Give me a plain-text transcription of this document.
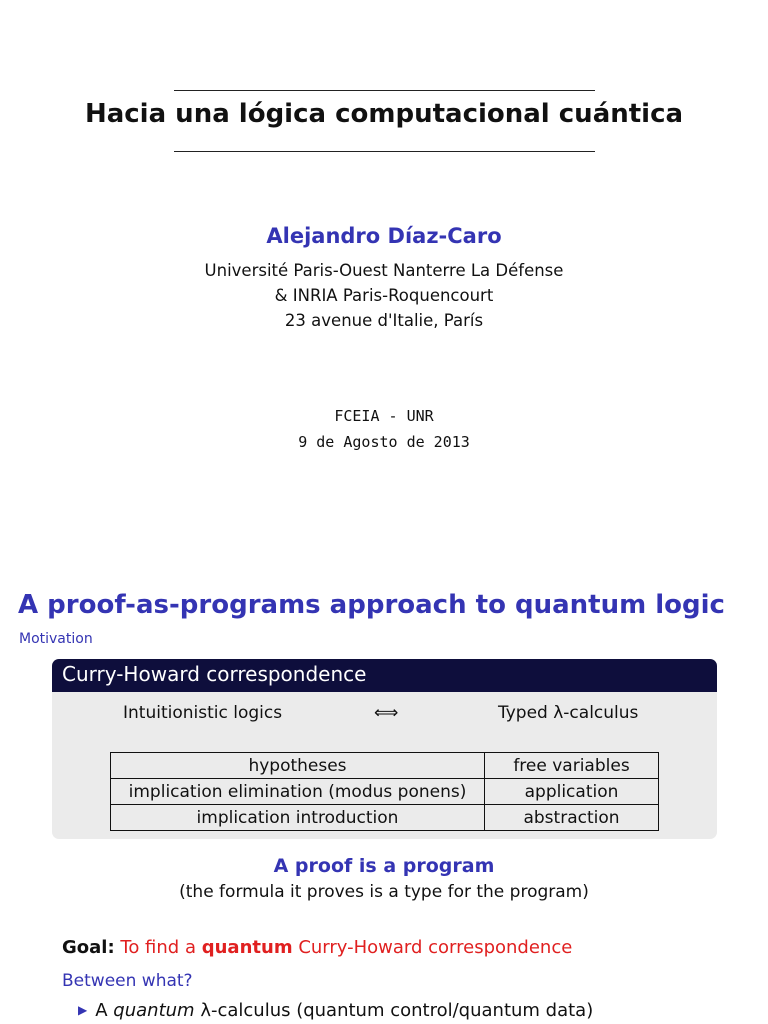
Hacia una lógica computacional cuántica
Alejandro Díaz-Caro
Université Paris-Ouest Nanterre La Défense
& INRIA Paris-Roquencourt
23 avenue d'Italie, París
FCEIA - UNR
9 de Agosto de 2013
A proof-as-programs approach to quantum logic
Motivation
Curry-Howard correspondence
Intuitionistic logics	⟺	Typed λ-calculus
hypotheses	free variables
implication elimination (modus ponens)	application
implication introduction	abstraction
A proof is a program
(the formula it proves is a type for the program)
Goal: To find a quantum Curry-Howard correspondence
Between what?
▶ A quantum λ-calculus (quantum control/quantum data)
